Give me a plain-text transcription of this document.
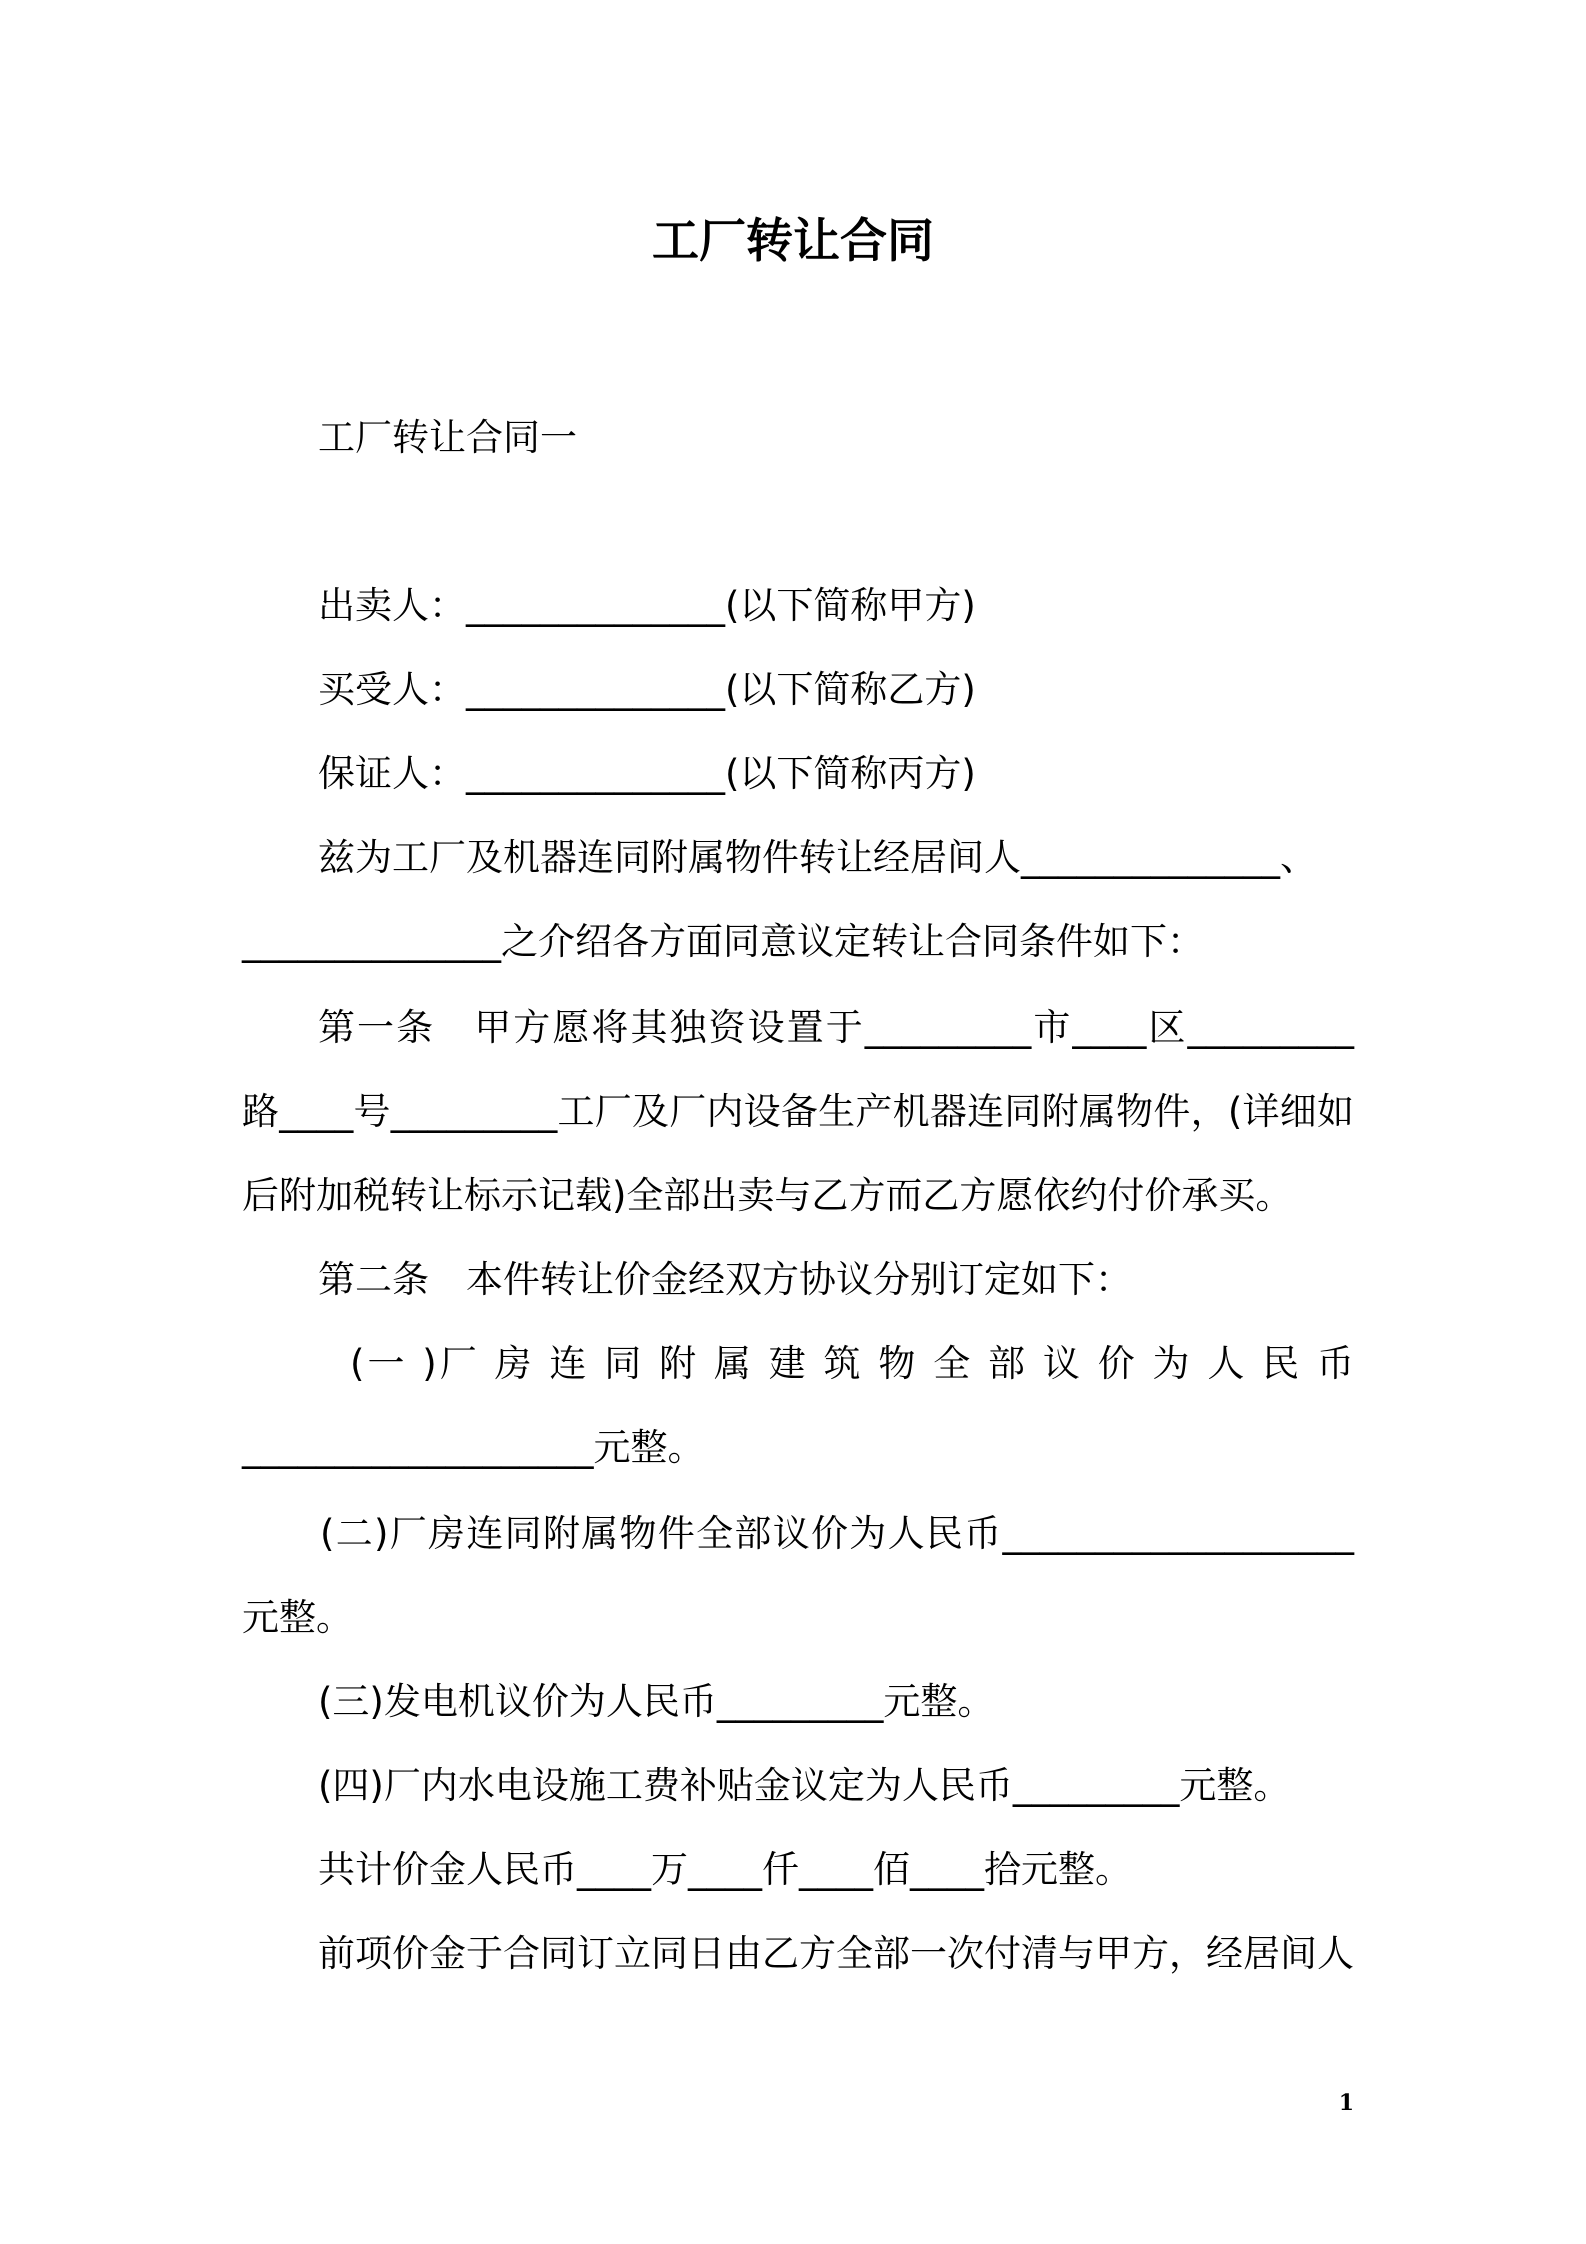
工厂转让合同
工厂转让合同一
出卖人：______________(以下简称甲方)
买受人：______________(以下简称乙方)
保证人：______________(以下简称丙方)
兹为工厂及机器连同附属物件转让经居间人______________、
______________之介绍各方面同意议定转让合同条件如下：
第一条　甲方愿将其独资设置于_________市____区_________
路____号_________工厂及厂内设备生产机器连同附属物件，(详细如
后附加税转让标示记载)全部出卖与乙方而乙方愿依约付价承买。
第二条　本件转让价金经双方协议分别订定如下：
(一 )厂 房 连 同 附 属 建 筑 物 全 部 议 价 为 人 民 币
___________________元整。
(二)厂房连同附属物件全部议价为人民币___________________
元整。
(三)发电机议价为人民币_________元整。
(四)厂内水电设施工费补贴金议定为人民币_________元整。
共计价金人民币____万____仟____佰____拾元整。
前项价金于合同订立同日由乙方全部一次付清与甲方，经居间人
1
